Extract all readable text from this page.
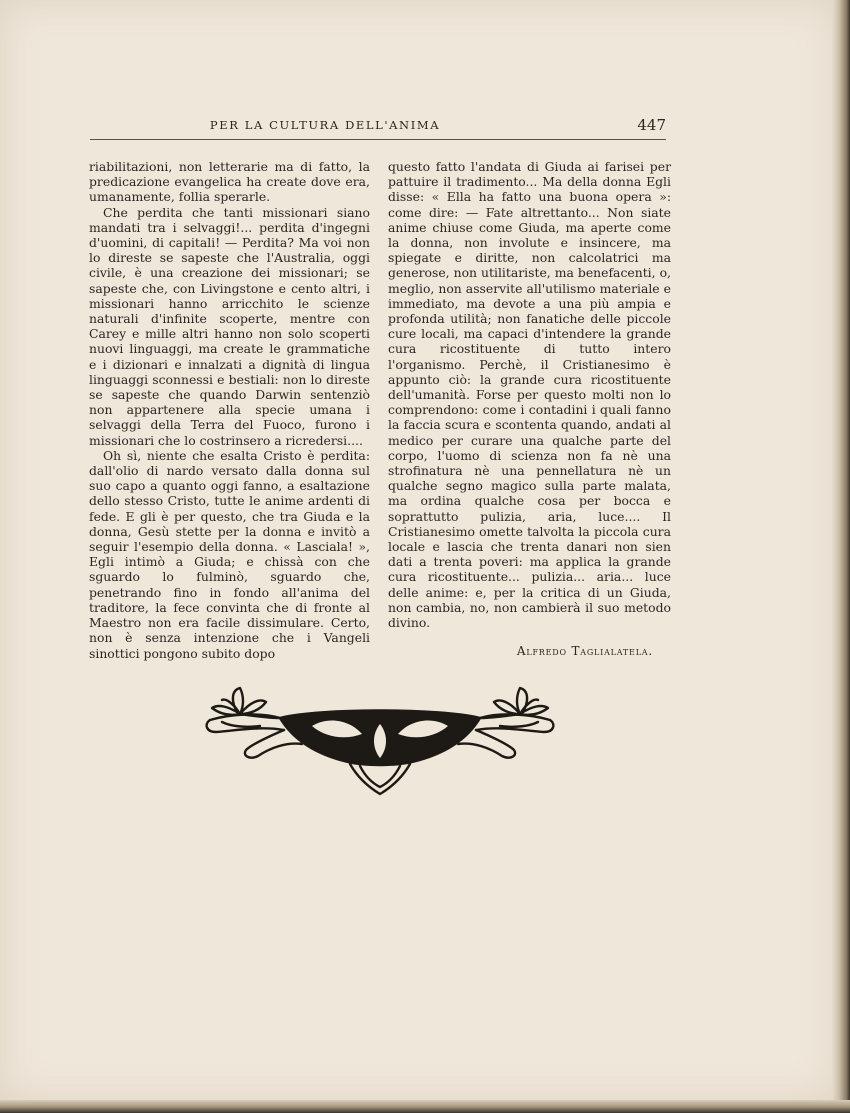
PER LA CULTURA DELL'ANIMA	447

riabilitazioni, non letterarie ma di fatto, la predicazione evangelica ha create dove era, umanamente, follia sperarle.

Che perdita che tanti missionari siano mandati tra i selvaggi!... perdita d'ingegni d'uomini, di capitali! — Perdita? Ma voi non lo direste se sapeste che l'Australia, oggi civile, è una creazione dei missionari; se sapeste che, con Livingstone e cento altri, i missionari hanno arricchito le scienze naturali d'infinite scoperte, mentre con Carey e mille altri hanno non solo scoperti nuovi linguaggi, ma create le grammatiche e i dizionari e innalzati a dignità di lingua linguaggi sconnessi e bestiali: non lo direste se sapeste che quando Darwin sentenziò non appartenere alla specie umana i selvaggi della Terra del Fuoco, furono i missionari che lo costrinsero a ricredersi....

Oh sì, niente che esalta Cristo è perdita: dall'olio di nardo versato dalla donna sul suo capo a quanto oggi fanno, a esaltazione dello stesso Cristo, tutte le anime ardenti di fede. E gli è per questo, che tra Giuda e la donna, Gesù stette per la donna e invitò a seguir l'esempio della donna. « Lasciala! », Egli intimò a Giuda; e chissà con che sguardo lo fulminò, sguardo che, penetrando fino in fondo all'anima del traditore, la fece convinta che di fronte al Maestro non era facile dissimulare. Certo, non è senza intenzione che i Vangeli sinottici pongono subito dopo

questo fatto l'andata di Giuda ai farisei per pattuire il tradimento... Ma della donna Egli disse: « Ella ha fatto una buona opera »: come dire: — Fate altrettanto... Non siate anime chiuse come Giuda, ma aperte come la donna, non involute e insincere, ma spiegate e diritte, non calcolatrici ma generose, non utilitariste, ma benefacenti, o, meglio, non asservite all'utilismo materiale e immediato, ma devote a una più ampia e profonda utilità; non fanatiche delle piccole cure locali, ma capaci d'intendere la grande cura ricostituente di tutto intero l'organismo. Perchè, il Cristianesimo è appunto ciò: la grande cura ricostituente dell'umanità. Forse per questo molti non lo comprendono: come i contadini i quali fanno la faccia scura e scontenta quando, andati al medico per curare una qualche parte del corpo, l'uomo di scienza non fa nè una strofinatura nè una pennellatura nè un qualche segno magico sulla parte malata, ma ordina qualche cosa per bocca e soprattutto pulizia, aria, luce.... Il Cristianesimo omette talvolta la piccola cura locale e lascia che trenta danari non sien dati a trenta poveri: ma applica la grande cura ricostituente... pulizia... aria... luce delle anime: e, per la critica di un Giuda, non cambia, no, non cambierà il suo metodo divino.

Alfredo Taglialatela.
